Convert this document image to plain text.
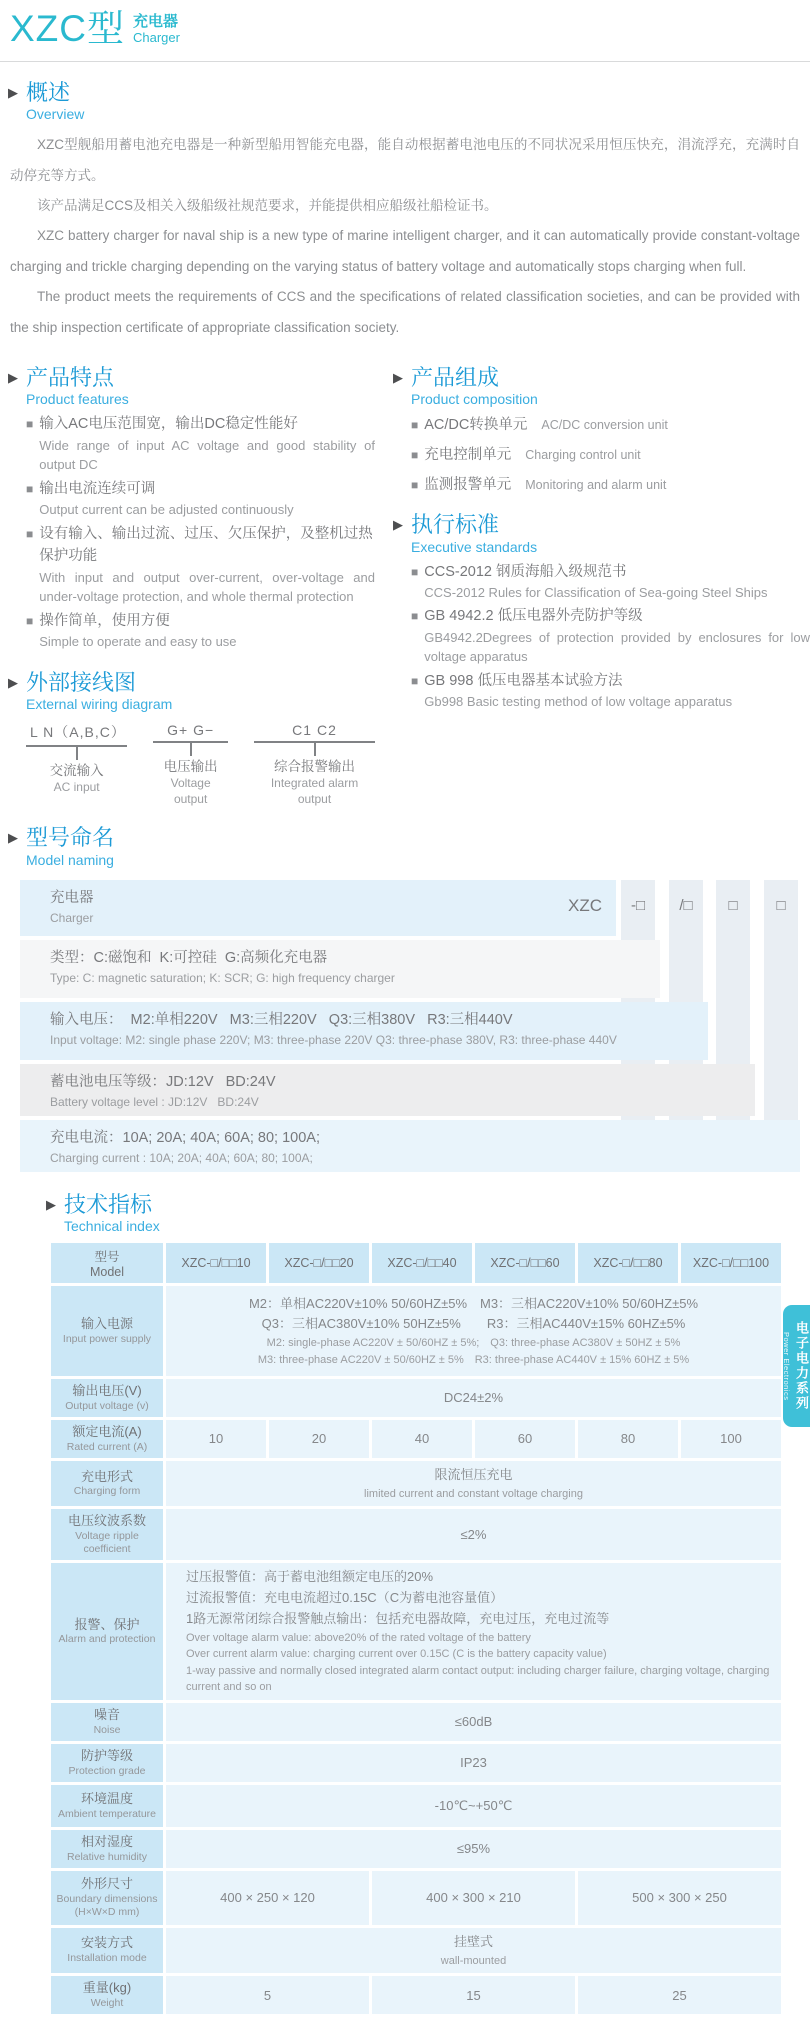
XZC型 充电器
Charger
▶ 概述
Overview

XZC型舰船用蓄电池充电器是一种新型船用智能充电器，能自动根据蓄电池电压的不同状况采用恒压快充，涓流浮充，充满时自动停充等方式。

该产品满足CCS及相关入级船级社规范要求，并能提供相应船级社船检证书。

XZC battery charger for naval ship is a new type of marine intelligent charger, and it can automatically provide constant-voltage charging and trickle charging depending on the varying status of battery voltage and automatically stops charging when full.

The product meets the requirements of CCS and the specifications of related classification societies, and can be provided with the ship inspection certificate of appropriate classification society.

▶ 产品特点
Product features
■ 输入AC电压范围宽，输出DC稳定性能好
Wide range of input AC voltage and good stability of output DC
■ 输出电流连续可调
Output current can be adjusted continuously
■ 设有输入、输出过流、过压、欠压保护，及整机过热保护功能
With input and output over-current, over-voltage and under-voltage protection, and whole thermal protection
■ 操作简单，使用方便
Simple to operate and easy to use
▶ 外部接线图
External wiring diagram
L N（A,B,C）
交流输入
AC input
G+ G−
电压输出
Voltage output
C1 C2
综合报警输出
Integrated alarm output
▶ 产品组成
Product composition
■ AC/DC转换单元 AC/DC conversion unit
■ 充电控制单元 Charging control unit
■ 监测报警单元 Monitoring and alarm unit
▶ 执行标准
Executive standards
■ CCS-2012 钢质海船入级规范书
CCS-2012 Rules for Classification of Sea-going Steel Ships
■ GB 4942.2 低压电器外壳防护等级
GB4942.2Degrees of protection provided by enclosures for low voltage apparatus
■ GB 998 低压电器基本试验方法
Gb998 Basic testing method of low voltage apparatus
▶ 型号命名
Model naming
充电器
Charger
XZC
类型：C:磁饱和  K:可控硅  G:高频化充电器
Type: C: magnetic saturation; K: SCR; G: high frequency charger
输入电压：  M2:单相220V   M3:三相220V   Q3:三相380V   R3:三相440V
Input voltage: M2: single phase 220V; M3: three-phase 220V Q3: three-phase 380V, R3: three-phase 440V
蓄电池电压等级：JD:12V   BD:24V
Battery voltage level : JD:12V   BD:24V
充电电流：10A; 20A; 40A; 60A; 80; 100A;
Charging current : 10A; 20A; 40A; 60A; 80; 100A;
-□	/□	□	□
▶ 技术指标
Technical index
型号
Model	XZC-□/□□10	XZC-□/□□20	XZC-□/□□40	XZC-□/□□60	XZC-□/□□80	XZC-□/□□100

输入电源
Input power supply

M2：单相AC220V±10% 50/60HZ±5%　M3：三相AC220V±10% 50/60HZ±5%
Q3：三相AC380V±10% 50HZ±5%　　R3：三相AC440V±15% 60HZ±5%
M2: single-phase AC220V ± 50/60HZ ± 5%;　Q3: three-phase AC380V ± 50HZ ± 5%
M3: three-phase AC220V ± 50/60HZ ± 5%　R3: three-phase AC440V ± 15% 60HZ ± 5%

输出电压(V)
Output voltage (v)	DC24±2%					

额定电流(A)
Rated current (A)	10	20	40	60	80	100

充电形式
Charging form

限流恒压充电
limited current and constant voltage charging

电压纹波系数
Voltage ripple coefficient	≤2%					

报警、保护
Alarm and protection

过压报警值：高于蓄电池组额定电压的20%
过流报警值：充电电流超过0.15C（C为蓄电池容量值）
1路无源常闭综合报警触点输出：包括充电器故障，充电过压，充电过流等
Over voltage alarm value: above20% of the rated voltage of the battery
Over current alarm value: charging current over 0.15C (C is the battery capacity value)
1-way passive and normally closed integrated alarm contact output: including charger failure, charging voltage, charging current and so on

噪音
Noise	≤60dB					

防护等级
Protection grade	IP23					

环境温度
Ambient temperature	-10℃~+50℃					

相对湿度
Relative humidity	≤95%					

外形尺寸
Boundary dimensions
(H×W×D mm)	400 × 250 × 120		400 × 300 × 210		500 × 300 × 250	

安装方式
Installation mode

挂壁式
wall-mounted

重量(kg)
Weight	5		15		25	
Power Electronics 电子电力系列
